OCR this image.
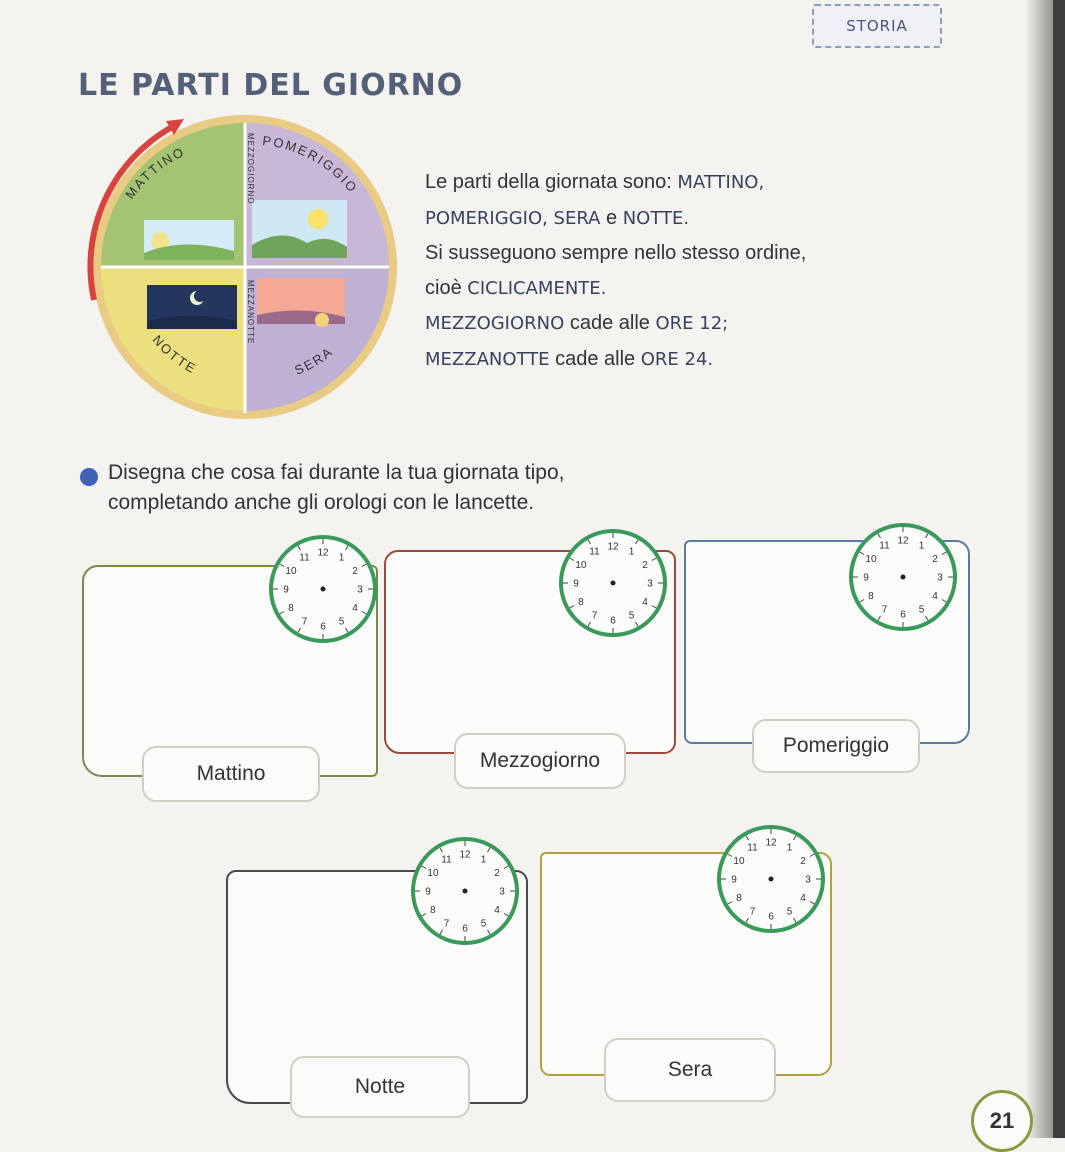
STORIA
LE PARTI DEL GIORNO
MATTINO
POMERIGGIO
NOTTE	SERA
MEZZOGIORNO
MEZZANOTTE
Le parti della giornata sono: MATTINO,
POMERIGGIO, SERA e NOTTE.
Si susseguono sempre nello stesso ordine,
cioè CICLICAMENTE.
MEZZOGIORNO cade alle ORE 12;
MEZZANOTTE cade alle ORE 24.
Disegna che cosa fai durante la tua giornata tipo,
completando anche gli orologi con le lancette.
Mattino
Mezzogiorno
Pomeriggio
Notte
Sera
12 1
2
3
4
5
6
7
8
9
10
11
12 1
2
3
4
5
6
7
8
9
10
11
12 1
2
3
4
5
6
7
8
9
10
11
12 1
2
3
4
5
6
7
8
9
10
11
12 1
2
3
4
5
6
7
8
9
10
11
21
